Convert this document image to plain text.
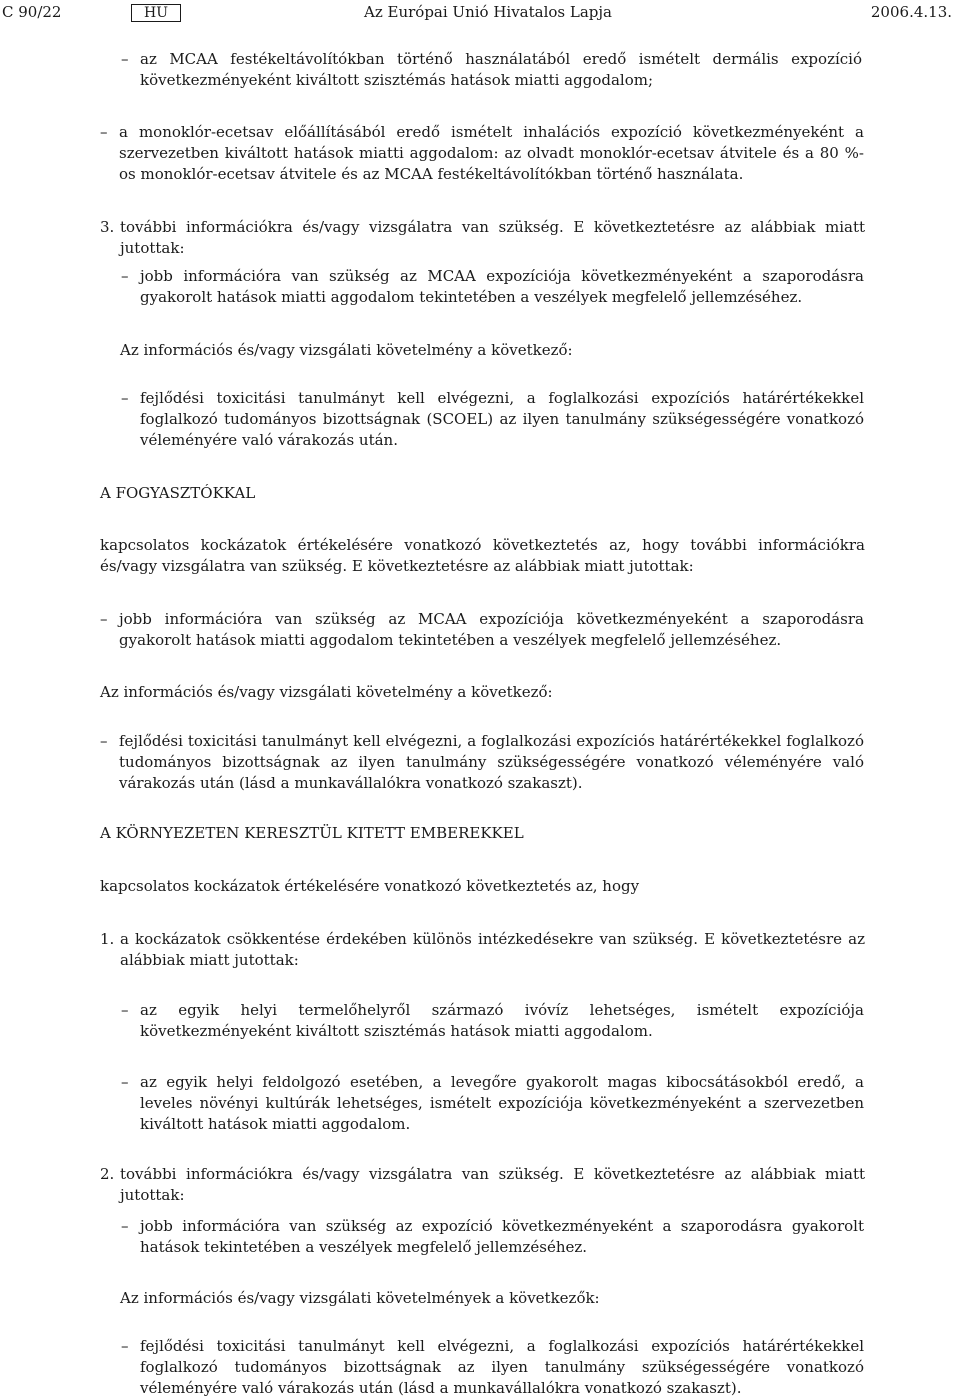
C 90/22	HU	Az Európai Unió Hivatalos Lapja	2006.4.13.

– az MCAA festékeltávolítókban történő használatából eredő ismételt dermális expozíció következményeként kiváltott szisztémás hatások miatti aggodalom;

– a monoklór-ecetsav előállításából eredő ismételt inhalációs expozíció következményeként a szervezetben kiváltott hatások miatti aggodalom: az olvadt monoklór-ecetsav átvitele és a 80 %-os monoklór-ecetsav átvitele és az MCAA festékeltávolítókban történő használata.

3. további információkra és/vagy vizsgálatra van szükség. E következtetésre az alábbiak miatt jutottak:

– jobb információra van szükség az MCAA expozíciója következményeként a szaporodásra gyakorolt hatások miatti aggodalom tekintetében a veszélyek megfelelő jellemzéséhez.

Az információs és/vagy vizsgálati követelmény a következő:

– fejlődési toxicitási tanulmányt kell elvégezni, a foglalkozási expozíciós határértékekkel foglalkozó tudományos bizottságnak (SCOEL) az ilyen tanulmány szükségességére vonatkozó véleményére való várakozás után.

A FOGYASZTÓKKAL

kapcsolatos kockázatok értékelésére vonatkozó következtetés az, hogy további információkra és/vagy vizsgálatra van szükség. E következtetésre az alábbiak miatt jutottak:

– jobb információra van szükség az MCAA expozíciója következményeként a szaporodásra gyakorolt hatások miatti aggodalom tekintetében a veszélyek megfelelő jellemzéséhez.

Az információs és/vagy vizsgálati követelmény a következő:

– fejlődési toxicitási tanulmányt kell elvégezni, a foglalkozási expozíciós határértékekkel foglalkozó tudományos bizottságnak az ilyen tanulmány szükségességére vonatkozó véleményére való várakozás után (lásd a munkavállalókra vonatkozó szakaszt).

A KÖRNYEZETEN KERESZTÜL KITETT EMBEREKKEL

kapcsolatos kockázatok értékelésére vonatkozó következtetés az, hogy

1. a kockázatok csökkentése érdekében különös intézkedésekre van szükség. E következtetésre az alábbiak miatt jutottak:

– az egyik helyi termelőhelyről származó ivóvíz lehetséges, ismételt expozíciója következményeként kiváltott szisztémás hatások miatti aggodalom.

– az egyik helyi feldolgozó esetében, a levegőre gyakorolt magas kibocsátásokból eredő, a leveles növényi kultúrák lehetséges, ismételt expozíciója következményeként a szervezetben kiváltott hatások miatti aggodalom.

2. további információkra és/vagy vizsgálatra van szükség. E következtetésre az alábbiak miatt jutottak:

– jobb információra van szükség az expozíció következményeként a szaporodásra gyakorolt hatások tekintetében a veszélyek megfelelő jellemzéséhez.

Az információs és/vagy vizsgálati követelmények a következők:

– fejlődési toxicitási tanulmányt kell elvégezni, a foglalkozási expozíciós határértékekkel foglalkozó tudományos bizottságnak az ilyen tanulmány szükségességére vonatkozó véleményére való várakozás után (lásd a munkavállalókra vonatkozó szakaszt).
